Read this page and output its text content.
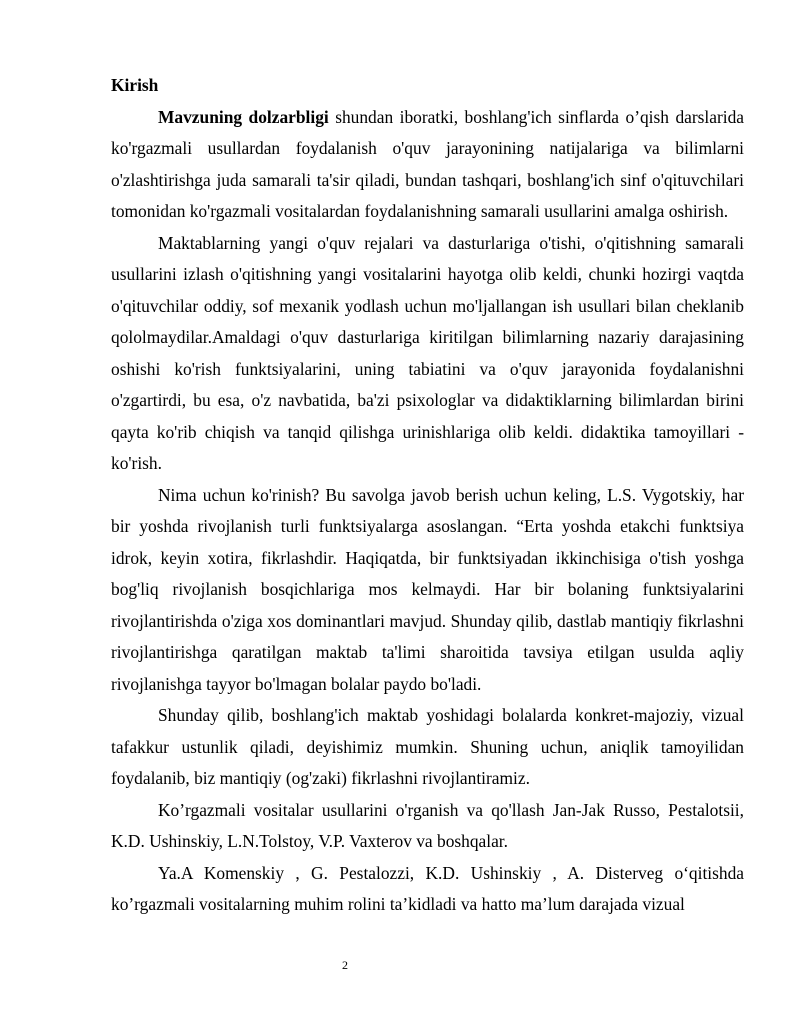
Kirish

Mavzuning dolzarbligi shundan iboratki, boshlang'ich sinflarda o’qish darslarida ko'rgazmali usullardan foydalanish o'quv jarayonining natijalariga va bilimlarni o'zlashtirishga juda samarali ta'sir qiladi, bundan tashqari, boshlang'ich sinf o'qituvchilari tomonidan ko'rgazmali vositalardan foydalanishning samarali usullarini amalga oshirish.

Maktablarning yangi o'quv rejalari va dasturlariga o'tishi, o'qitishning samarali usullarini izlash o'qitishning yangi vositalarini hayotga olib keldi, chunki hozirgi vaqtda o'qituvchilar oddiy, sof mexanik yodlash uchun mo'ljallangan ish usullari bilan cheklanib qololmaydilar.Amaldagi o'quv dasturlariga kiritilgan bilimlarning nazariy darajasining oshishi ko'rish funktsiyalarini, uning tabiatini va o'quv jarayonida foydalanishni o'zgartirdi, bu esa, o'z navbatida, ba'zi psixologlar va didaktiklarning bilimlardan birini qayta ko'rib chiqish va tanqid qilishga urinishlariga olib keldi. didaktika tamoyillari - ko'rish.

Nima uchun ko'rinish? Bu savolga javob berish uchun keling, L.S. Vygotskiy, har bir yoshda rivojlanish turli funktsiyalarga asoslangan. “Erta yoshda etakchi funktsiya idrok, keyin xotira, fikrlashdir. Haqiqatda, bir funktsiyadan ikkinchisiga o'tish yoshga bog'liq rivojlanish bosqichlariga mos kelmaydi. Har bir bolaning funktsiyalarini rivojlantirishda o'ziga xos dominantlari mavjud. Shunday qilib, dastlab mantiqiy fikrlashni rivojlantirishga qaratilgan maktab ta'limi sharoitida tavsiya etilgan usulda aqliy rivojlanishga tayyor bo'lmagan bolalar paydo bo'ladi.

Shunday qilib, boshlang'ich maktab yoshidagi bolalarda konkret-majoziy, vizual tafakkur ustunlik qiladi, deyishimiz mumkin. Shuning uchun, aniqlik tamoyilidan foydalanib, biz mantiqiy (og'zaki) fikrlashni rivojlantiramiz.

Ko’rgazmali vositalar usullarini o'rganish va qo'llash Jan-Jak Russo, Pestalotsii, K.D. Ushinskiy, L.N.Tolstoy, V.P. Vaxterov va boshqalar.

Ya.A Komenskiy , G. Pestalozzi, K.D. Ushinskiy , A. Disterveg o‘qitishda ko’rgazmali vositalarning muhim rolini ta’kidladi va hatto ma’lum darajada vizual

2
